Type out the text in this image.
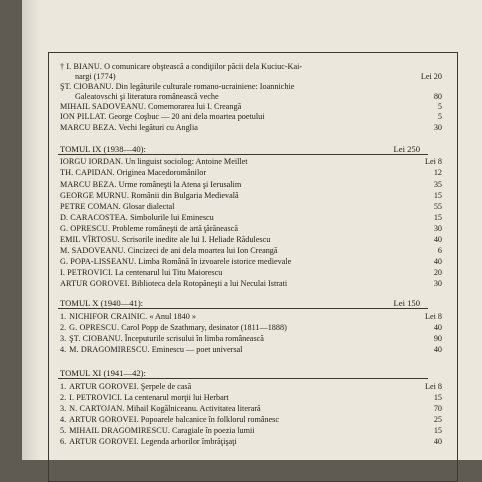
† I. BIANU. O comunicare obştească a condiţiilor păcii dela Kuciuc-Kai-
nargi (1774)	Lei 20
ŞT. CIOBANU. Din legăturile culturale romano-ucrainiene: Ioannichie
Galeatovschi şi literatura românească veche	80
MIHAIL SADOVEANU. Comemorarea lui I. Creangă	5
ION PILLAT. George Coşbuc — 20 ani dela moartea poetului	5
MARCU BEZA. Vechi legături cu Anglia	30
TOMUL IX (1938—40):	Lei 250
IORGU IORDAN. Un linguist sociolog: Antoine Meillet	Lei 8
TH. CAPIDAN. Originea Macedoromânilor	12
MARCU BEZA. Urme româneşti la Atena şi Ierusalim	35
GEORGE MURNU. Românii din Bulgaria Medievală	15
PETRE COMAN. Glosar dialectal	55
D. CARACOSTEA. Simbolurile lui Eminescu	15
G. OPRESCU. Probleme româneşti de artă ţărănească	30
EMIL VÎRTOSU. Scrisorile inedite ale lui I. Heliade Rădulescu	40
M. SADOVEANU. Cincizeci de ani dela moartea lui Ion Creangă	6
G. POPA-LISSEANU. Limba Română în izvoarele istorice medievale	40
I. PETROVICI. La centenarul lui Titu Maiorescu	20
ARTUR GOROVEI. Biblioteca dela Rotopăneşti a lui Neculai Istrati	30
TOMUL X (1940—41):	Lei 150
1. NICHIFOR CRAINIC. « Anul 1840 »	Lei 8
2. G. OPRESCU. Carol Popp de Szathmary, desinator (1811—1888)	40
3. ŞT. CIOBANU. Începuturile scrisului în limba românească	90
4. M. DRAGOMIRESCU. Eminescu — poet universal	40
TOMUL XI (1941—42):
1. ARTUR GOROVEI. Şerpele de casă	Lei 8
2. I. PETROVICI. La centenarul morţii lui Herbart	15
3. N. CARTOJAN. Mihail Kogălniceanu. Activitatea literară	70
4. ARTUR GOROVEI. Popoarele balcanice în folklorul românesc	25
5. MIHAIL DRAGOMIRESCU. Caragiale în poezia lumii	15
6. ARTUR GOROVEI. Legenda arborilor îmbrăţişaţi	40
